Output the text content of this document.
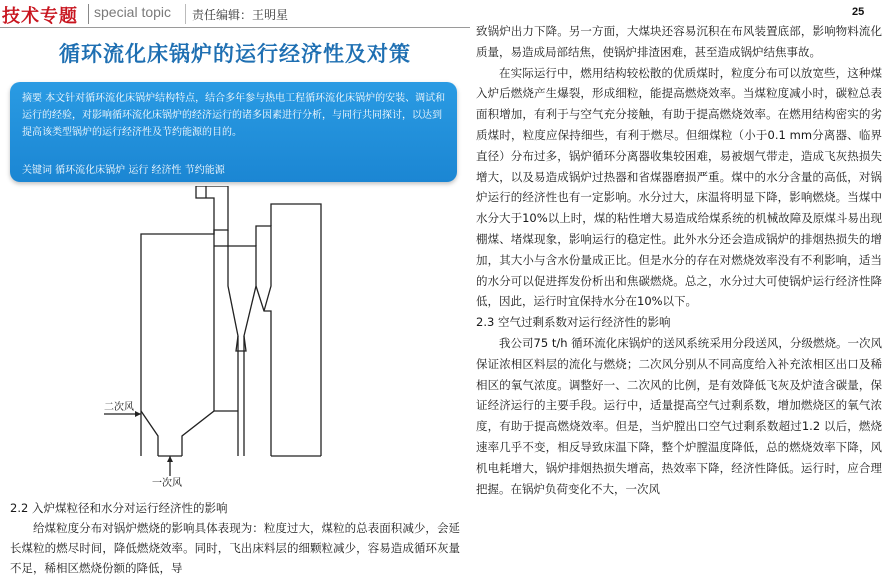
技术专题 special topic 责任编辑：王明星	25
循环流化床锅炉的运行经济性及对策
摘要 本文针对循环流化床锅炉结构特点，结合多年参与热电工程循环流化床锅炉的安装、调试和运行的经验，对影响循环流化床锅炉的经济运行的诸多因素进行分析，与同行共同探讨，以达到提高该类型锅炉的运行经济性及节约能源的目的。
关键词 循环流化床锅炉 运行 经济性 节约能源
二次风
一次风
2.2 入炉煤粒径和水分对运行经济性的影响
给煤粒度分布对锅炉燃烧的影响具体表现为：粒度过大，煤粒的总表面积减少，会延长煤粒的燃尽时间，降低燃烧效率。同时，飞出床料层的细颗粒减少，容易造成循环灰量不足，稀相区燃烧份额的降低，导
致锅炉出力下降。另一方面，大煤块还容易沉积在布风装置底部，影响物料流化质量，易造成局部结焦，使锅炉排渣困难，甚至造成锅炉结焦事故。
在实际运行中，燃用结构较松散的优质煤时，粒度分布可以放宽些，这种煤入炉后燃烧产生爆裂，形成细粒，能提高燃烧效率。当煤粒度减小时，碳粒总表面积增加，有利于与空气充分接触，有助于提高燃烧效率。在燃用结构密实的劣质煤时，粒度应保持细些，有利于燃尽。但细煤粒（小于0.1 mm分离器、临界直径）分布过多，锅炉循环分离器收集较困难，易被烟气带走，造成飞灰热损失增大，以及易造成锅炉过热器和省煤器磨损严重。煤中的水分含量的高低，对锅炉运行的经济性也有一定影响。水分过大，床温将明显下降，影响燃烧。当煤中水分大于10%以上时，煤的粘性增大易造成给煤系统的机械故障及原煤斗易出现棚煤、堵煤现象，影响运行的稳定性。此外水分还会造成锅炉的排烟热损失的增加，其大小与含水份量成正比。但是水分的存在对燃烧效率没有不利影响，适当的水分可以促进挥发份析出和焦碳燃烧。总之，水分过大可使锅炉运行经济性降低，因此，运行时宜保持水分在10%以下。
2.3 空气过剩系数对运行经济性的影响
我公司75 t/h 循环流化床锅炉的送风系统采用分段送风，分级燃烧。一次风保证浓相区料层的流化与燃烧；二次风分别从不同高度给入补充浓相区出口及稀相区的氧气浓度。调整好一、二次风的比例，是有效降低飞灰及炉渣含碳量，保证经济运行的主要手段。运行中，适量提高空气过剩系数，增加燃烧区的氧气浓度，有助于提高燃烧效率。但是，当炉膛出口空气过剩系数超过1.2 以后，燃烧速率几乎不变，相反导致床温下降，整个炉膛温度降低，总的燃烧效率下降，风机电耗增大，锅炉排烟热损失增高，热效率下降，经济性降低。运行时，应合理把握。在锅炉负荷变化不大，一次风
